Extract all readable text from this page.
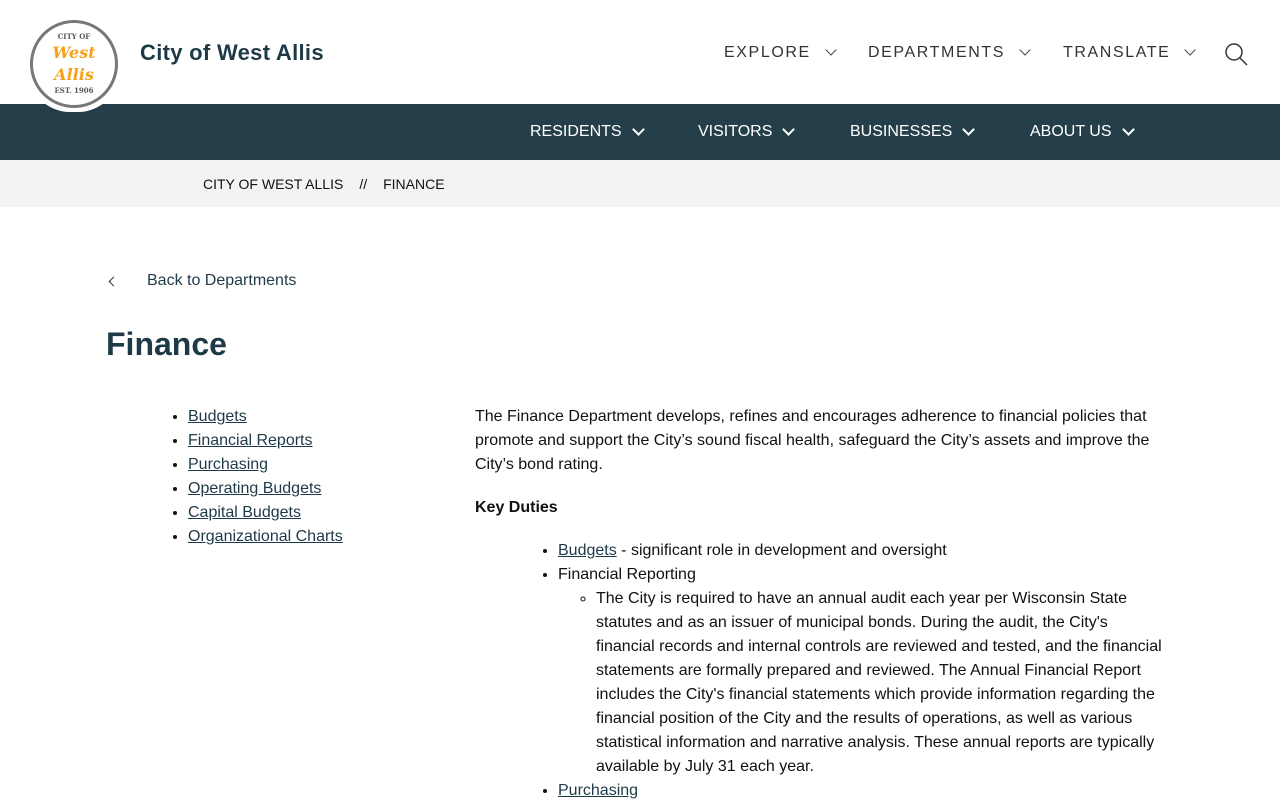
CITY OF
West
Allis
EST. 1906
City of West Allis	EXPLORE	DEPARTMENTS	TRANSLATE
RESIDENTS	VISITORS	BUSINESSES	ABOUT US
CITY OF WEST ALLIS // FINANCE
Back to Departments
Finance
• Budgets
• Financial Reports
• Purchasing
• Operating Budgets
• Capital Budgets
• Organizational Charts

The Finance Department develops, refines and encourages adherence to financial policies that promote and support the City’s sound fiscal health, safeguard the City’s assets and improve the City’s bond rating.

Key Duties
• Budgets - significant role in development and oversight
• Financial Reporting
◦ The City is required to have an annual audit each year per Wisconsin State statutes and as an issuer of municipal bonds. During the audit, the City's financial records and internal controls are reviewed and tested, and the financial statements are formally prepared and reviewed. The Annual Financial Report includes the City's financial statements which provide information regarding the financial position of the City and the results of operations, as well as various statistical information and narrative analysis. These annual reports are typically available by July 31 each year.
• Purchasing
